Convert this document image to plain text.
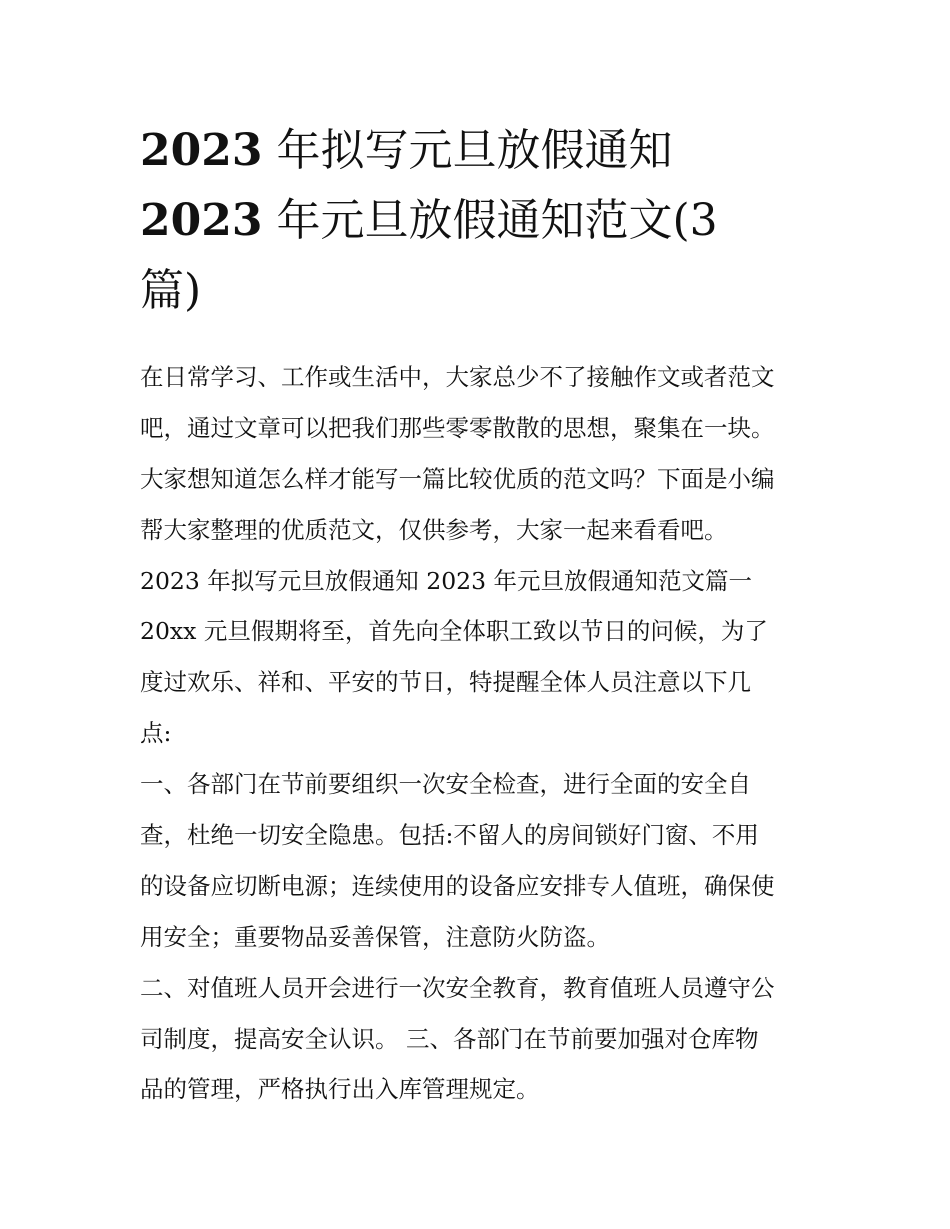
2023 年拟写元旦放假通知
2023 年元旦放假通知范文(3
篇)
在日常学习、工作或生活中，大家总少不了接触作文或者范文
吧，通过文章可以把我们那些零零散散的思想，聚集在一块。
大家想知道怎么样才能写一篇比较优质的范文吗？下面是小编
帮大家整理的优质范文，仅供参考，大家一起来看看吧。
2023 年拟写元旦放假通知 2023 年元旦放假通知范文篇一
20xx 元旦假期将至，首先向全体职工致以节日的问候，为了
度过欢乐、祥和、平安的节日，特提醒全体人员注意以下几
点:
一、各部门在节前要组织一次安全检查，进行全面的安全自
查，杜绝一切安全隐患。包括:不留人的房间锁好门窗、不用
的设备应切断电源；连续使用的设备应安排专人值班，确保使
用安全；重要物品妥善保管，注意防火防盗。
二、对值班人员开会进行一次安全教育，教育值班人员遵守公
司制度，提高安全认识。 三、各部门在节前要加强对仓库物
品的管理，严格执行出入库管理规定。
